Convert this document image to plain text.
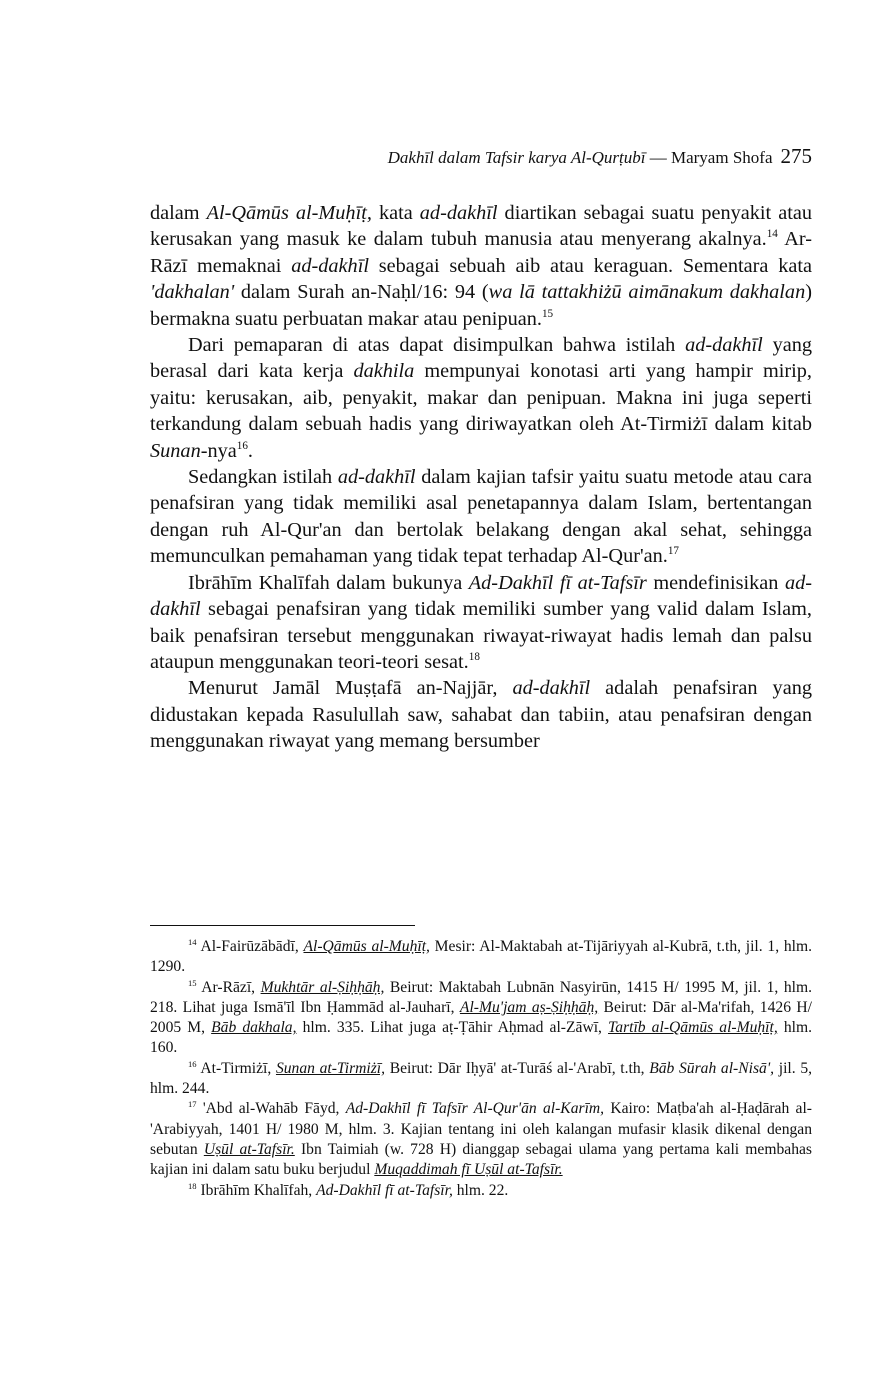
Dakhīl dalam Tafsir karya Al-Qurṭubī — Maryam Shofa 275

dalam Al-Qāmūs al-Muḥīṭ, kata ad-dakhīl diartikan sebagai suatu penyakit atau kerusakan yang masuk ke dalam tubuh manusia atau menyerang akalnya.$^{14}$ Ar-Rāzī memaknai ad-dakhīl sebagai sebuah aib atau keraguan. Sementara kata 'dakhalan' dalam Surah an-Naḥl/16: 94 (wa lā tattakhiżū aimānakum dakhalan) bermakna suatu perbuatan makar atau penipuan.$^{15}$

Dari pemaparan di atas dapat disimpulkan bahwa istilah ad-dakhīl yang berasal dari kata kerja dakhila mempunyai konotasi arti yang hampir mirip, yaitu: kerusakan, aib, penyakit, makar dan penipuan. Makna ini juga seperti terkandung dalam sebuah hadis yang diriwayatkan oleh At-Tirmiżī dalam kitab Sunan-nya$^{16}$.

Sedangkan istilah ad-dakhīl dalam kajian tafsir yaitu suatu metode atau cara penafsiran yang tidak memiliki asal penetapannya dalam Islam, bertentangan dengan ruh Al-Qur'an dan bertolak belakang dengan akal sehat, sehingga memunculkan pemahaman yang tidak tepat terhadap Al-Qur'an.$^{17}$

Ibrāhīm Khalīfah dalam bukunya Ad-Dakhīl fī at-Tafsīr mendefinisikan ad-dakhīl sebagai penafsiran yang tidak memiliki sumber yang valid dalam Islam, baik penafsiran tersebut menggunakan riwayat-riwayat hadis lemah dan palsu ataupun menggunakan teori-teori sesat.$^{18}$

Menurut Jamāl Muṣṭafā an-Najjār, ad-dakhīl adalah penafsiran yang didustakan kepada Rasulullah saw, sahabat dan tabiin, atau penafsiran dengan menggunakan riwayat yang memang bersumber

$^{14}$ Al-Fairūzābādī, Al-Qāmūs al-Muḥīṭ, Mesir: Al-Maktabah at-Tijāriyyah al-Kubrā, t.th, jil. 1, hlm. 1290.

$^{15}$ Ar-Rāzī, Mukhtār al-Ṣiḥḥāḥ, Beirut: Maktabah Lubnān Nasyirūn, 1415 H/ 1995 M, jil. 1, hlm. 218. Lihat juga Ismā'īl Ibn Ḥammād al-Jauharī, Al-Mu'jam aṣ-Ṣiḥḥāḥ, Beirut: Dār al-Ma'rifah, 1426 H/ 2005 M, Bāb dakhala, hlm. 335. Lihat juga aṭ-Ṭāhir Aḥmad al-Zāwī, Tartīb al-Qāmūs al-Muḥīṭ, hlm. 160.

$^{16}$ At-Tirmiżī, Sunan at-Tirmiżī, Beirut: Dār Iḥyā' at-Turāś al-'Arabī, t.th, Bāb Sūrah al-Nisā', jil. 5, hlm. 244.

$^{17}$ 'Abd al-Wahāb Fāyd, Ad-Dakhīl fī Tafsīr Al-Qur'ān al-Karīm, Kairo: Maṭba'ah al-Ḥaḍārah al-'Arabiyyah, 1401 H/ 1980 M, hlm. 3. Kajian tentang ini oleh kalangan mufasir klasik dikenal dengan sebutan Uṣūl at-Tafsīr. Ibn Taimiah (w. 728 H) dianggap sebagai ulama yang pertama kali membahas kajian ini dalam satu buku berjudul Muqaddimah fī Uṣūl at-Tafsīr.

$^{18}$ Ibrāhīm Khalīfah, Ad-Dakhīl fī at-Tafsīr, hlm. 22.
